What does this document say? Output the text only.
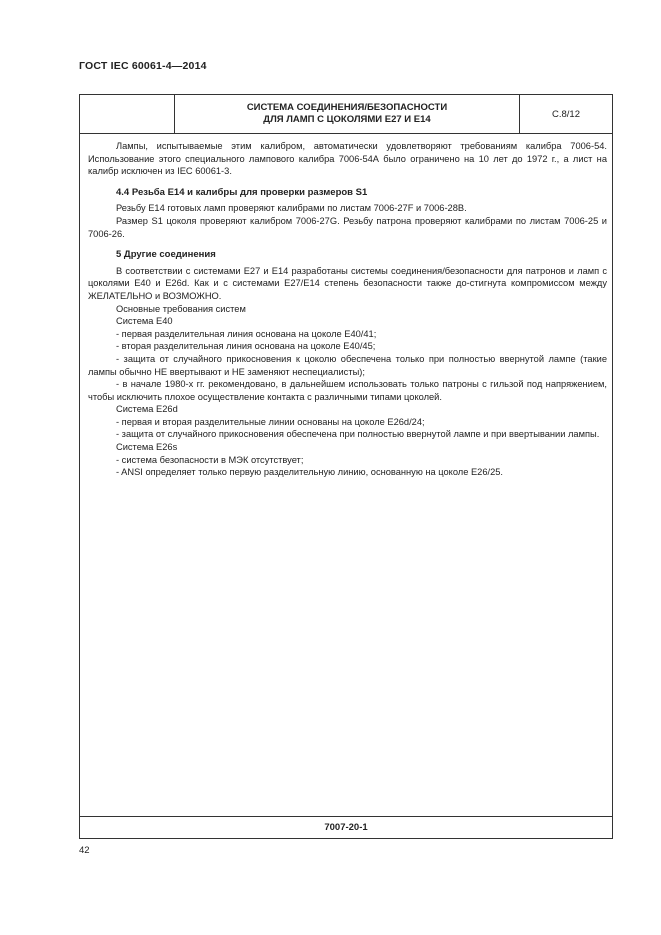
ГОСТ IEC 60061-4—2014
СИСТЕМА СОЕДИНЕНИЯ/БЕЗОПАСНОСТИ
ДЛЯ ЛАМП С ЦОКОЛЯМИ E27 И E14	С.8/12

Лампы, испытываемые этим калибром, автоматически удовлетворяют требованиям калибра 7006-54. Использование этого специального лампового калибра 7006-54А было ограничено на 10 лет до 1972 г., а лист на калибр исключен из IEC 60061-3.

4.4 Резьба Е14 и калибры для проверки размеров S1

Резьбу Е14 готовых ламп проверяют калибрами по листам 7006-27F и 7006-28В.

Размер S1 цоколя проверяют калибром 7006-27G. Резьбу патрона проверяют калибрами по листам 7006-25 и 7006-26.

5 Другие соединения

В соответствии с системами Е27 и Е14 разработаны системы соединения/безопасности для патронов и ламп с цоколями Е40 и Е26d. Как и с системами Е27/Е14 степень безопасности также до-стигнута компромиссом между ЖЕЛАТЕЛЬНО и ВОЗМОЖНО.

Основные требования систем

Система Е40

- первая разделительная линия основана на цоколе Е40/41;

- вторая разделительная линия основана на цоколе Е40/45;

- защита от случайного прикосновения к цоколю обеспечена только при полностью ввернутой лампе (такие лампы обычно НЕ ввертывают и НЕ заменяют неспециалисты);

- в начале 1980-х гг. рекомендовано, в дальнейшем использовать только патроны с гильзой под напряжением, чтобы исключить плохое осуществление контакта с различными типами цоколей.

Система Е26d

- первая и вторая разделительные линии основаны на цоколе Е26d/24;

- защита от случайного прикосновения обеспечена при полностью ввернутой лампе и при ввертывании лампы.

Система Е26s

- система безопасности в МЭК отсутствует;

- ANSI определяет только первую разделительную линию, основанную на цоколе Е26/25.

7007-20-1
42
